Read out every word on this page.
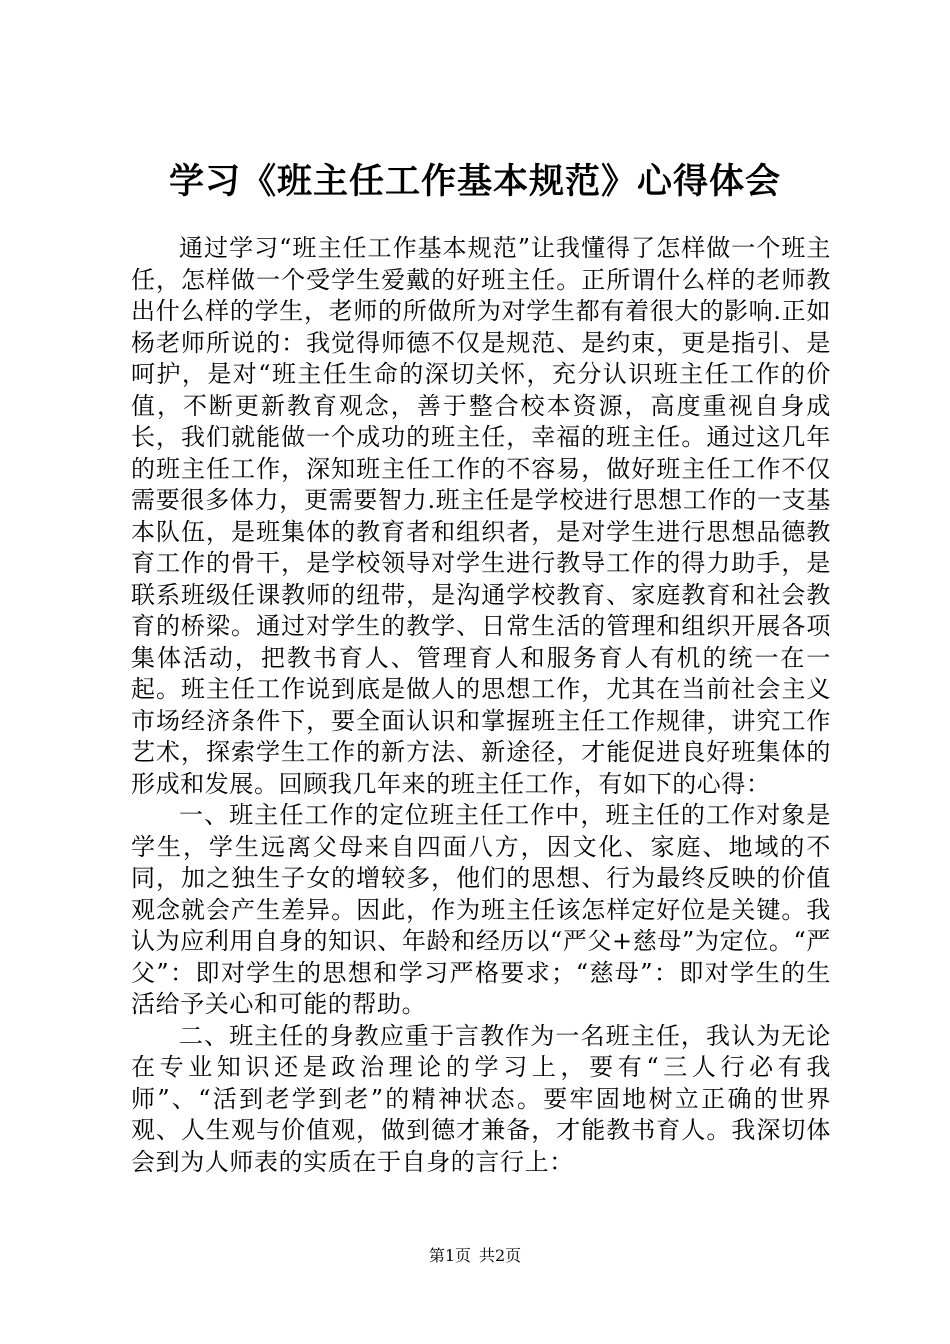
学习《班主任工作基本规范》心得体会

通过学习“班主任工作基本规范”让我懂得了怎样做一个班主任，怎样做一个受学生爱戴的好班主任。正所谓什么样的老师教出什么样的学生，老师的所做所为对学生都有着很大的影响.正如杨老师所说的：我觉得师德不仅是规范、是约束，更是指引、是呵护，是对“班主任生命的深切关怀，充分认识班主任工作的价值，不断更新教育观念，善于整合校本资源，高度重视自身成长，我们就能做一个成功的班主任，幸福的班主任。通过这几年的班主任工作，深知班主任工作的不容易，做好班主任工作不仅需要很多体力，更需要智力.班主任是学校进行思想工作的一支基本队伍，是班集体的教育者和组织者，是对学生进行思想品德教育工作的骨干，是学校领导对学生进行教导工作的得力助手，是联系班级任课教师的纽带，是沟通学校教育、家庭教育和社会教育的桥梁。通过对学生的教学、日常生活的管理和组织开展各项集体活动，把教书育人、管理育人和服务育人有机的统一在一起。班主任工作说到底是做人的思想工作，尤其在当前社会主义市场经济条件下，要全面认识和掌握班主任工作规律，讲究工作艺术，探索学生工作的新方法、新途径，才能促进良好班集体的形成和发展。回顾我几年来的班主任工作，有如下的心得：

一、班主任工作的定位班主任工作中，班主任的工作对象是学生，学生远离父母来自四面八方，因文化、家庭、地域的不同，加之独生子女的增较多，他们的思想、行为最终反映的价值观念就会产生差异。因此，作为班主任该怎样定好位是关键。我认为应利用自身的知识、年龄和经历以“严父+慈母”为定位。“严父”：即对学生的思想和学习严格要求；“慈母”：即对学生的生活给予关心和可能的帮助。

二、班主任的身教应重于言教作为一名班主任，我认为无论在专业知识还是政治理论的学习上，要有“三人行必有我师”、“活到老学到老”的精神状态。要牢固地树立正确的世界观、人生观与价值观，做到德才兼备，才能教书育人。我深切体会到为人师表的实质在于自身的言行上：

第1页 共2页
